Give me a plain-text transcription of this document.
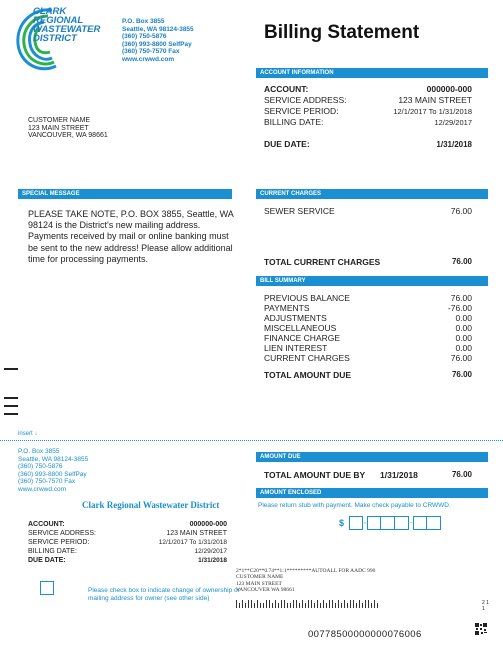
CLARK
REGIONAL
WASTEWATER
DISTRICT
P.O. Box 3855
Seattle, WA 98124-3855
(360) 750-5876
(360) 993-8800 SelfPay
(360) 750-7570 Fax
www.crwwd.com
Billing Statement
ACCOUNT INFORMATION
ACCOUNT:	000000-000
SERVICE ADDRESS:	123 MAIN STREET
SERVICE PERIOD:	12/1/2017 To 1/31/2018
BILLING DATE:	12/29/2017
DUE DATE:	1/31/2018
CUSTOMER NAME
123 MAIN STREET
VANCOUVER, WA 98661
SPECIAL MESSAGE
PLEASE TAKE NOTE, P.O. BOX 3855, Seattle, WA 98124 is the District's new mailing address. Payments received by mail or online banking must be sent to the new address! Please allow additional time for processing payments.
CURRENT CHARGES
SEWER SERVICE	76.00
TOTAL CURRENT CHARGES	76.00
BILL SUMMARY
PREVIOUS BALANCE	76.00
PAYMENTS	-76.00
ADJUSTMENTS	0.00
MISCELLANEOUS	0.00
FINANCE CHARGE	0.00
LIEN INTEREST	0.00
CURRENT CHARGES	76.00
TOTAL AMOUNT DUE	76.00
insert ↓
P.O. Box 3855
Seattle, WA 98124-3855
(360) 750-5876
(360) 993-8800 SelfPay
(360) 750-7570 Fax
www.crwwd.com
Clark Regional Wastewater District
ACCOUNT:	000000-000
SERVICE ADDRESS:	123 MAIN STREET
SERVICE PERIOD:	12/1/2017 To 1/31/2018
BILLING DATE:	12/29/2017
DUE DATE:	1/31/2018
Please check box to indicate change of ownership or mailing address for owner (see other side)
AMOUNT DUE
TOTAL AMOUNT DUE BY 1/31/2018	76.00
AMOUNT ENCLOSED
Please return stub with payment. Make check payable to CRWWD.
$ ,	.
2*1**C20**0.74**1:1*********AUTOALL FOR AADC 990
CUSTOMER NAME
123 MAIN STREET
VANCOUVER WA 98661
2 1 1
00778500000000076006
